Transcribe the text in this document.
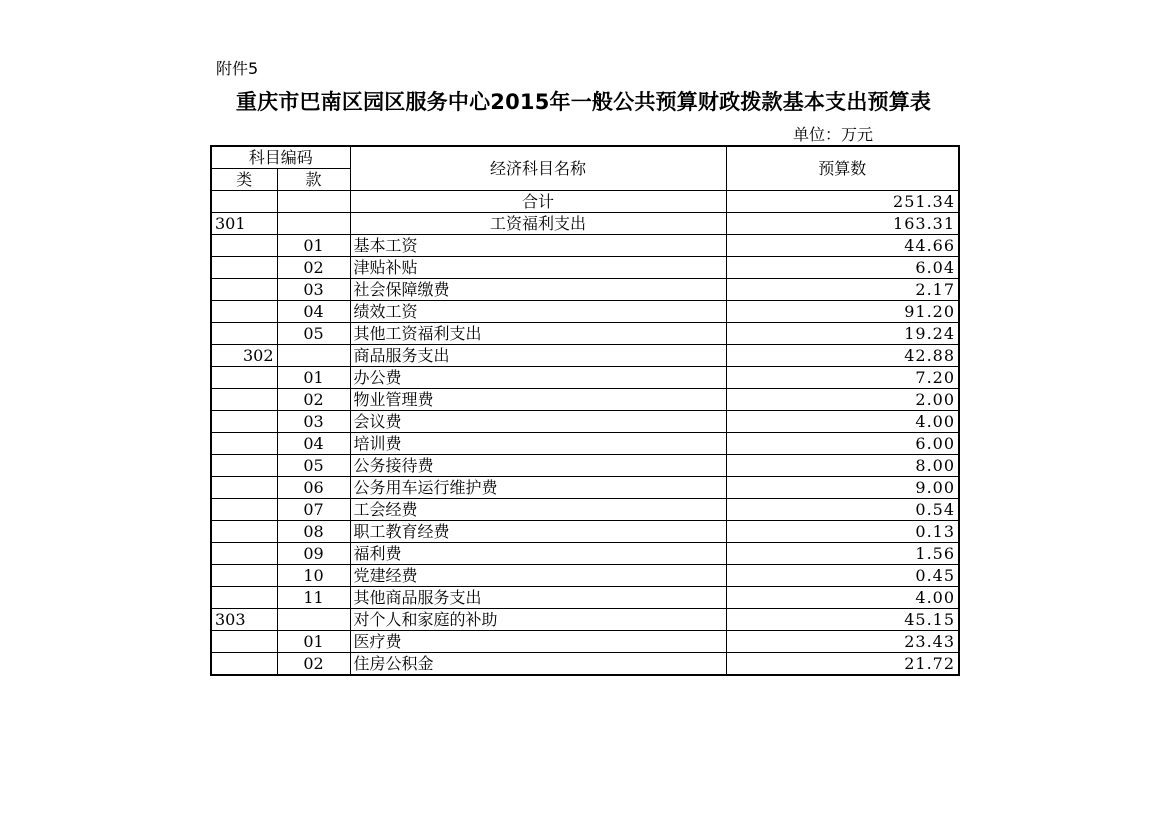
附件5
重庆市巴南区园区服务中心2015年一般公共预算财政拨款基本支出预算表
单位：万元
科目编码		经济科目名称	预算数
类	款		
		合计	251.34
301		工资福利支出	163.31
	01	基本工资	44.66
	02	津贴补贴	6.04
	03	社会保障缴费	2.17
	04	绩效工资	91.20
	05	其他工资福利支出	19.24
302		商品服务支出	42.88
	01	办公费	7.20
	02	物业管理费	2.00
	03	会议费	4.00
	04	培训费	6.00
	05	公务接待费	8.00
	06	公务用车运行维护费	9.00
	07	工会经费	0.54
	08	职工教育经费	0.13
	09	福利费	1.56
	10	党建经费	0.45
	11	其他商品服务支出	4.00
303		对个人和家庭的补助	45.15
	01	医疗费	23.43
	02	住房公积金	21.72
